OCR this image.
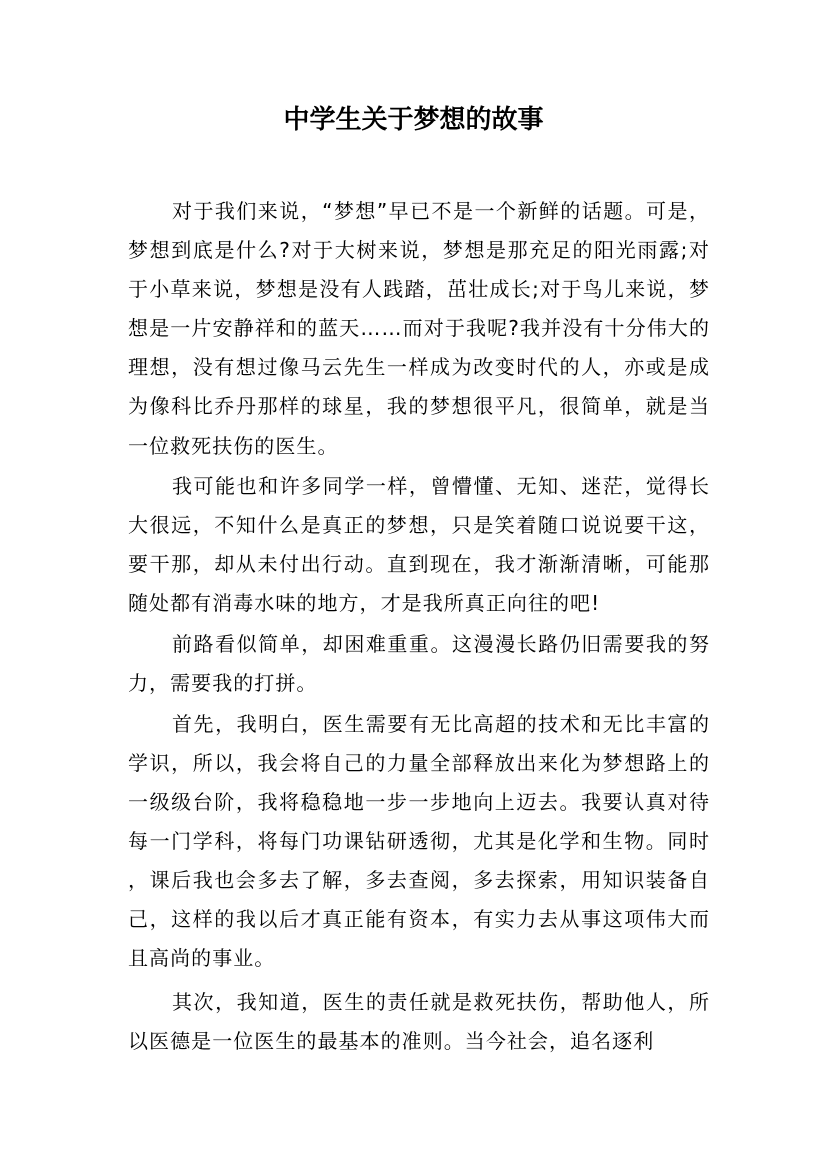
中学生关于梦想的故事

对于我们来说，“梦想”早已不是一个新鲜的话题。可是，梦想到底是什么?对于大树来说，梦想是那充足的阳光雨露;对于小草来说，梦想是没有人践踏，茁壮成长;对于鸟儿来说，梦想是一片安静祥和的蓝天……而对于我呢?我并没有十分伟大的理想，没有想过像马云先生一样成为改变时代的人，亦或是成为像科比乔丹那样的球星，我的梦想很平凡，很简单，就是当一位救死扶伤的医生。

我可能也和许多同学一样，曾懵懂、无知、迷茫，觉得长大很远，不知什么是真正的梦想，只是笑着随口说说要干这，要干那，却从未付出行动。直到现在，我才渐渐清晰，可能那随处都有消毒水味的地方，才是我所真正向往的吧!

前路看似简单，却困难重重。这漫漫长路仍旧需要我的努力，需要我的打拼。

首先，我明白，医生需要有无比高超的技术和无比丰富的学识，所以，我会将自己的力量全部释放出来化为梦想路上的一级级台阶，我将稳稳地一步一步地向上迈去。我要认真对待每一门学科，将每门功课钻研透彻，尤其是化学和生物。同时，课后我也会多去了解，多去查阅，多去探索，用知识装备自己，这样的我以后才真正能有资本，有实力去从事这项伟大而且高尚的事业。

其次，我知道，医生的责任就是救死扶伤，帮助他人，所以医德是一位医生的最基本的准则。当今社会，追名逐利
